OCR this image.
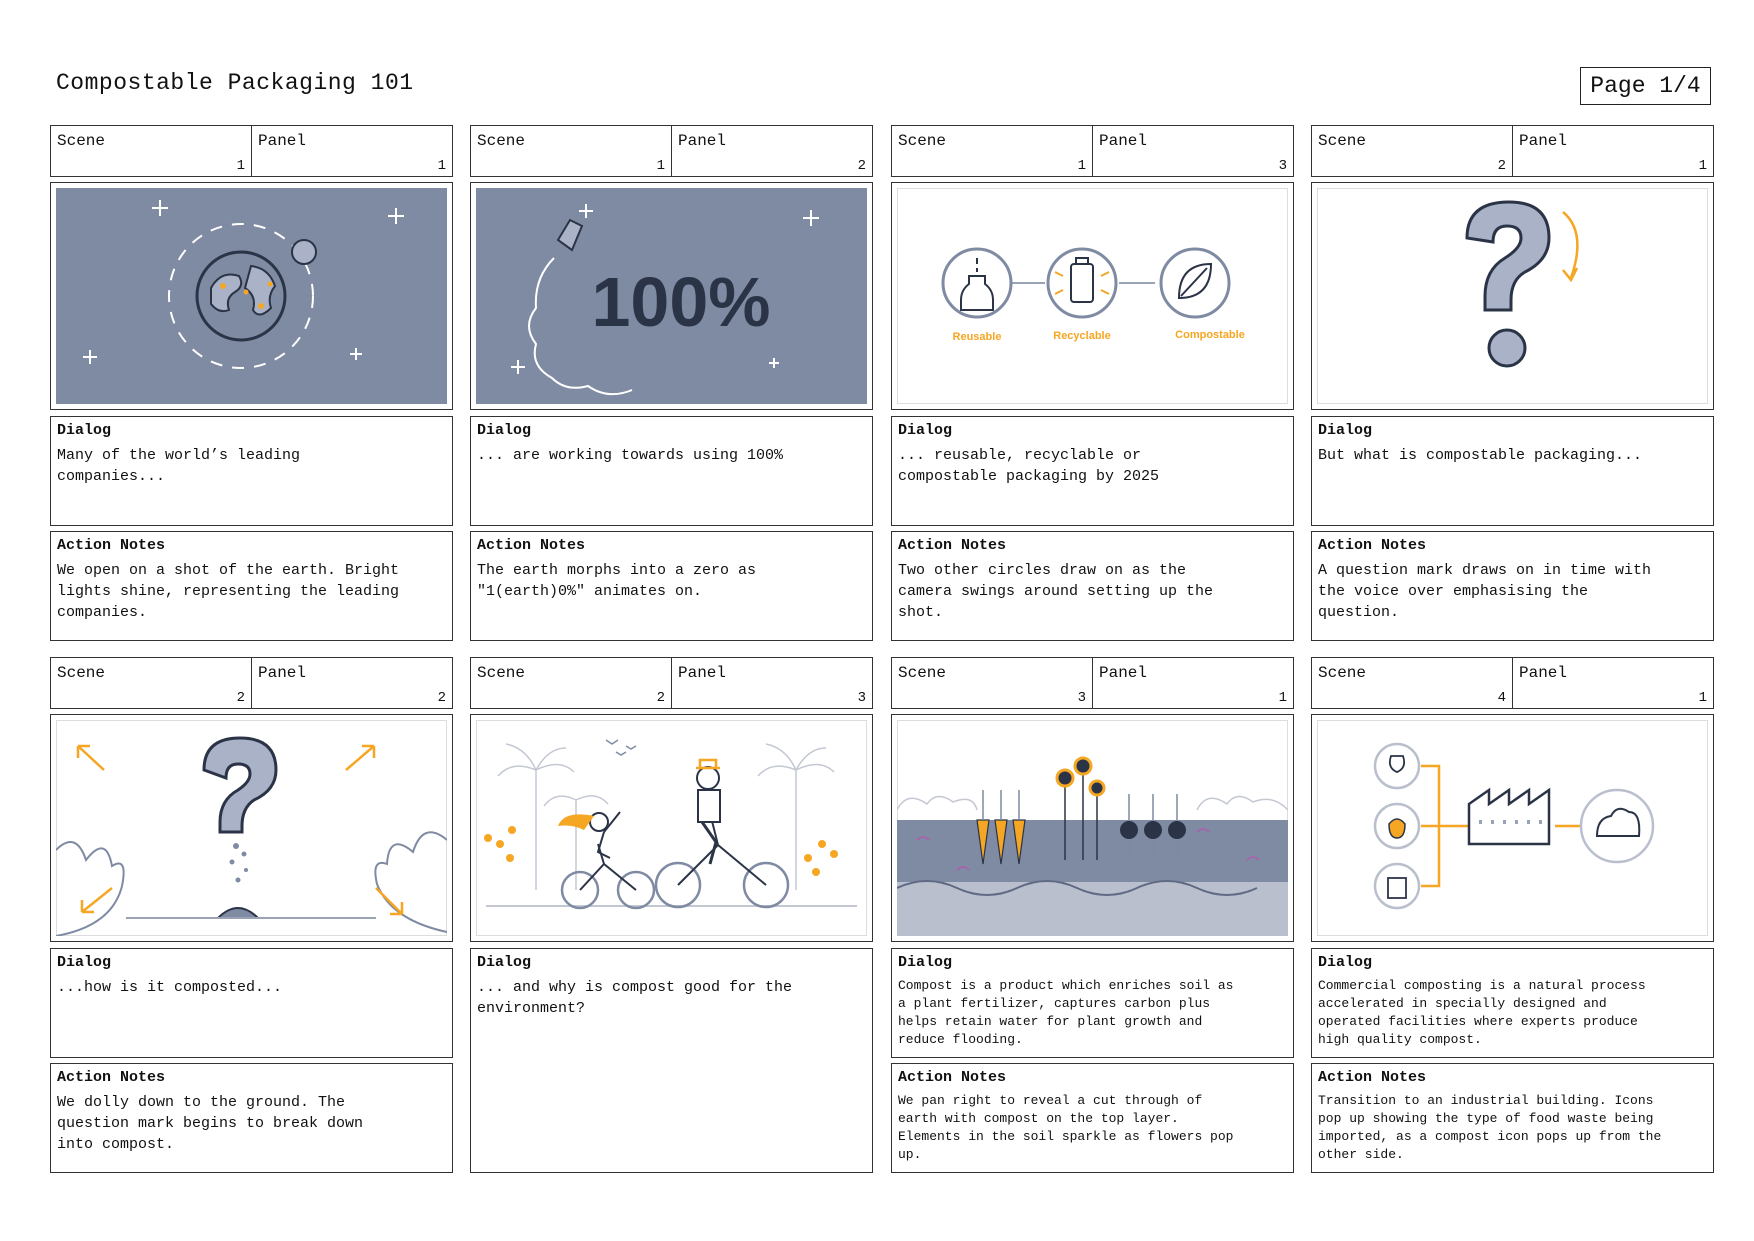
Compostable Packaging 101	Page 1/4
Scene
1
Panel
1
Dialog
Many of the world’s leading
companies...
Action Notes
We open on a shot of the earth. Bright
lights shine, representing the leading
companies.
Scene
1
Panel
2
100%
Dialog
... are working towards using 100%
Action Notes
The earth morphs into a zero as
"1(earth)0%" animates on.
Scene
1
Panel
3
Reusable	Recyclable	Compostable
Dialog
... reusable, recyclable or
compostable packaging by 2025
Action Notes
Two other circles draw on as the
camera swings around setting up the
shot.
Scene
2
Panel
1
Dialog
But what is compostable packaging...
Action Notes
A question mark draws on in time with
the voice over emphasising the
question.
Scene
2
Panel
2
Dialog
...how is it composted...
Action Notes
We dolly down to the ground. The
question mark begins to break down
into compost.
Scene
2
Panel
3
Dialog
... and why is compost good for the
environment?
Scene
3
Panel
1
Dialog
Compost is a product which enriches soil as
a plant fertilizer, captures carbon plus
helps retain water for plant growth and
reduce flooding.
Action Notes
We pan right to reveal a cut through of
earth with compost on the top layer.
Elements in the soil sparkle as flowers pop
up.
Scene
4
Panel
1
Dialog
Commercial composting is a natural process
accelerated in specially designed and
operated facilities where experts produce
high quality compost.
Action Notes
Transition to an industrial building. Icons
pop up showing the type of food waste being
imported, as a compost icon pops up from the
other side.
